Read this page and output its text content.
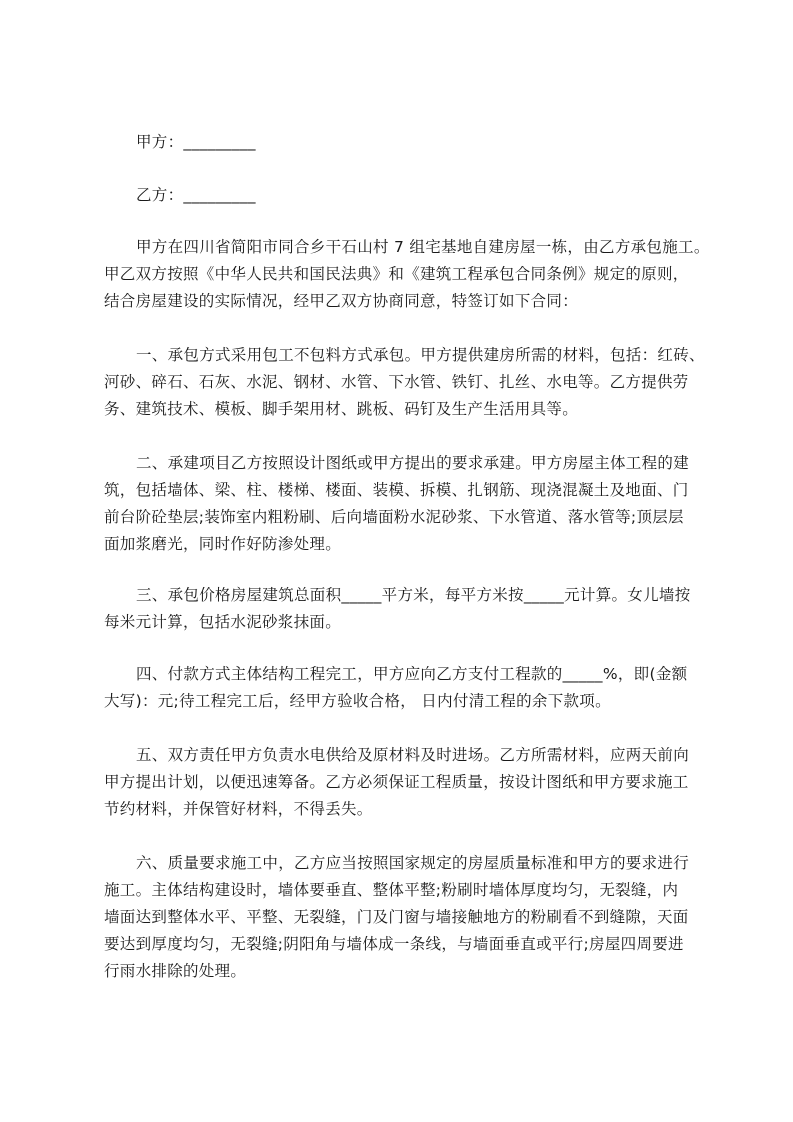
甲方：_________
乙方：_________
甲方在四川省简阳市同合乡干石山村 7 组宅基地自建房屋一栋，由乙方承包施工。
甲乙双方按照《中华人民共和国民法典》和《建筑工程承包合同条例》规定的原则，
结合房屋建设的实际情况，经甲乙双方协商同意，特签订如下合同：
一、承包方式采用包工不包料方式承包。甲方提供建房所需的材料，包括：红砖、
河砂、碎石、石灰、水泥、钢材、水管、下水管、铁钉、扎丝、水电等。乙方提供劳
务、建筑技术、模板、脚手架用材、跳板、码钉及生产生活用具等。
二、承建项目乙方按照设计图纸或甲方提出的要求承建。甲方房屋主体工程的建
筑，包括墙体、梁、柱、楼梯、楼面、装模、拆模、扎钢筋、现浇混凝土及地面、门
前台阶砼垫层;装饰室内粗粉刷、后向墙面粉水泥砂浆、下水管道、落水管等;顶层层
面加浆磨光，同时作好防渗处理。
三、承包价格房屋建筑总面积_____平方米，每平方米按_____元计算。女儿墙按
每米元计算，包括水泥砂浆抹面。
四、付款方式主体结构工程完工，甲方应向乙方支付工程款的_____%，即(金额
大写)：元;待工程完工后，经甲方验收合格， 日内付清工程的余下款项。
五、双方责任甲方负责水电供给及原材料及时进场。乙方所需材料，应两天前向
甲方提出计划，以便迅速筹备。乙方必须保证工程质量，按设计图纸和甲方要求施工
节约材料，并保管好材料，不得丢失。
六、质量要求施工中，乙方应当按照国家规定的房屋质量标准和甲方的要求进行
施工。主体结构建设时，墙体要垂直、整体平整;粉刷时墙体厚度均匀，无裂缝，内
墙面达到整体水平、平整、无裂缝，门及门窗与墙接触地方的粉刷看不到缝隙，天面
要达到厚度均匀，无裂缝;阴阳角与墙体成一条线，与墙面垂直或平行;房屋四周要进
行雨水排除的处理。
